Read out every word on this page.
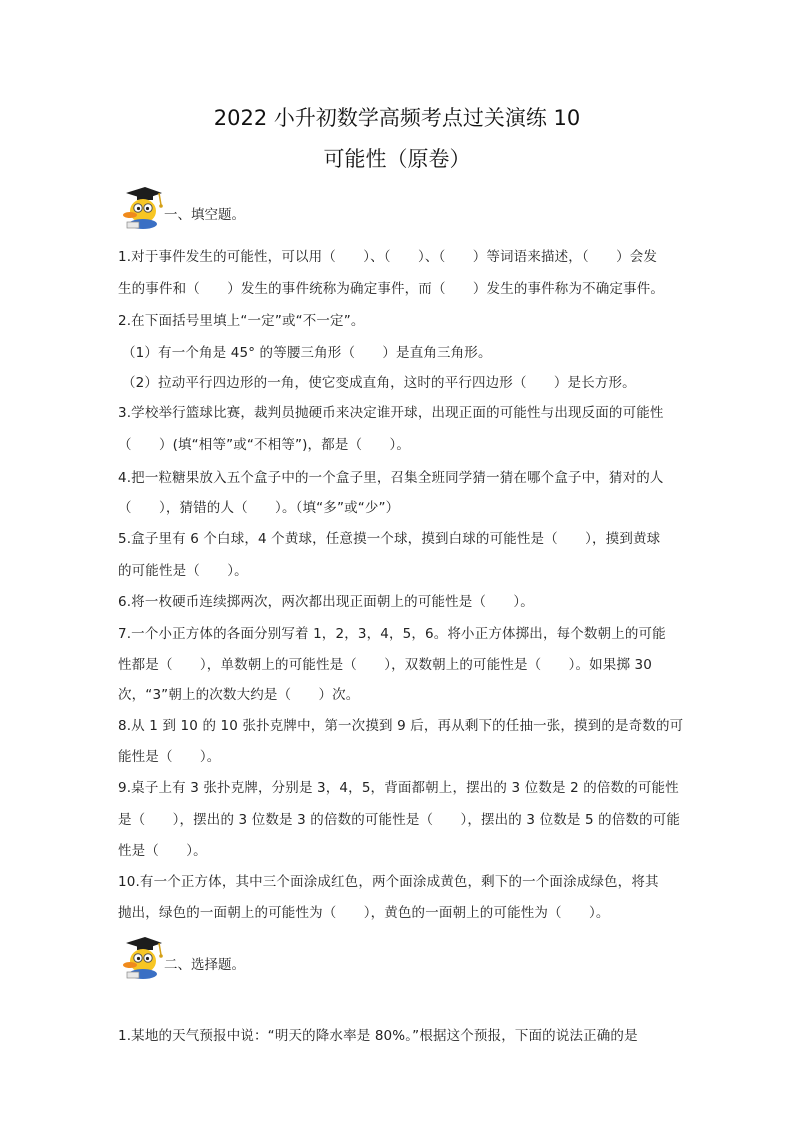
2022 小升初数学高频考点过关演练 10
可能性（原卷）
一、填空题。
1.对于事件发生的可能性，可以用（　　）、（　　）、（　　）等词语来描述，（　　）会发
生的事件和（　　）发生的事件统称为确定事件，而（　　）发生的事件称为不确定事件。
2.在下面括号里填上“一定”或“不一定”。
（1）有一个角是 45° 的等腰三角形（　　）是直角三角形。
（2）拉动平行四边形的一角，使它变成直角，这时的平行四边形（　　）是长方形。
3.学校举行篮球比赛，裁判员抛硬币来决定谁开球，出现正面的可能性与出现反面的可能性
（　　）(填“相等”或“不相等”)，都是（　　）。
4.把一粒糖果放入五个盒子中的一个盒子里，召集全班同学猜一猜在哪个盒子中，猜对的人
（　　），猜错的人（　　）。（填“多”或“少”）
5.盒子里有 6 个白球，4 个黄球，任意摸一个球，摸到白球的可能性是（　　），摸到黄球
的可能性是（　　）。
6.将一枚硬币连续掷两次，两次都出现正面朝上的可能性是（　　）。
7.一个小正方体的各面分别写着 1，2，3，4，5，6。将小正方体掷出，每个数朝上的可能
性都是（　　），单数朝上的可能性是（　　），双数朝上的可能性是（　　）。如果掷 30
次，“3”朝上的次数大约是（　　）次。
8.从 1 到 10 的 10 张扑克牌中，第一次摸到 9 后，再从剩下的任抽一张，摸到的是奇数的可
能性是（　　）。
9.桌子上有 3 张扑克牌，分别是 3，4，5，背面都朝上，摆出的 3 位数是 2 的倍数的可能性
是（　　），摆出的 3 位数是 3 的倍数的可能性是（　　），摆出的 3 位数是 5 的倍数的可能
性是（　　）。
10.有一个正方体，其中三个面涂成红色，两个面涂成黄色，剩下的一个面涂成绿色，将其
抛出，绿色的一面朝上的可能性为（　　），黄色的一面朝上的可能性为（　　）。
二、选择题。
1.某地的天气预报中说：“明天的降水率是 80%。”根据这个预报，下面的说法正确的是
